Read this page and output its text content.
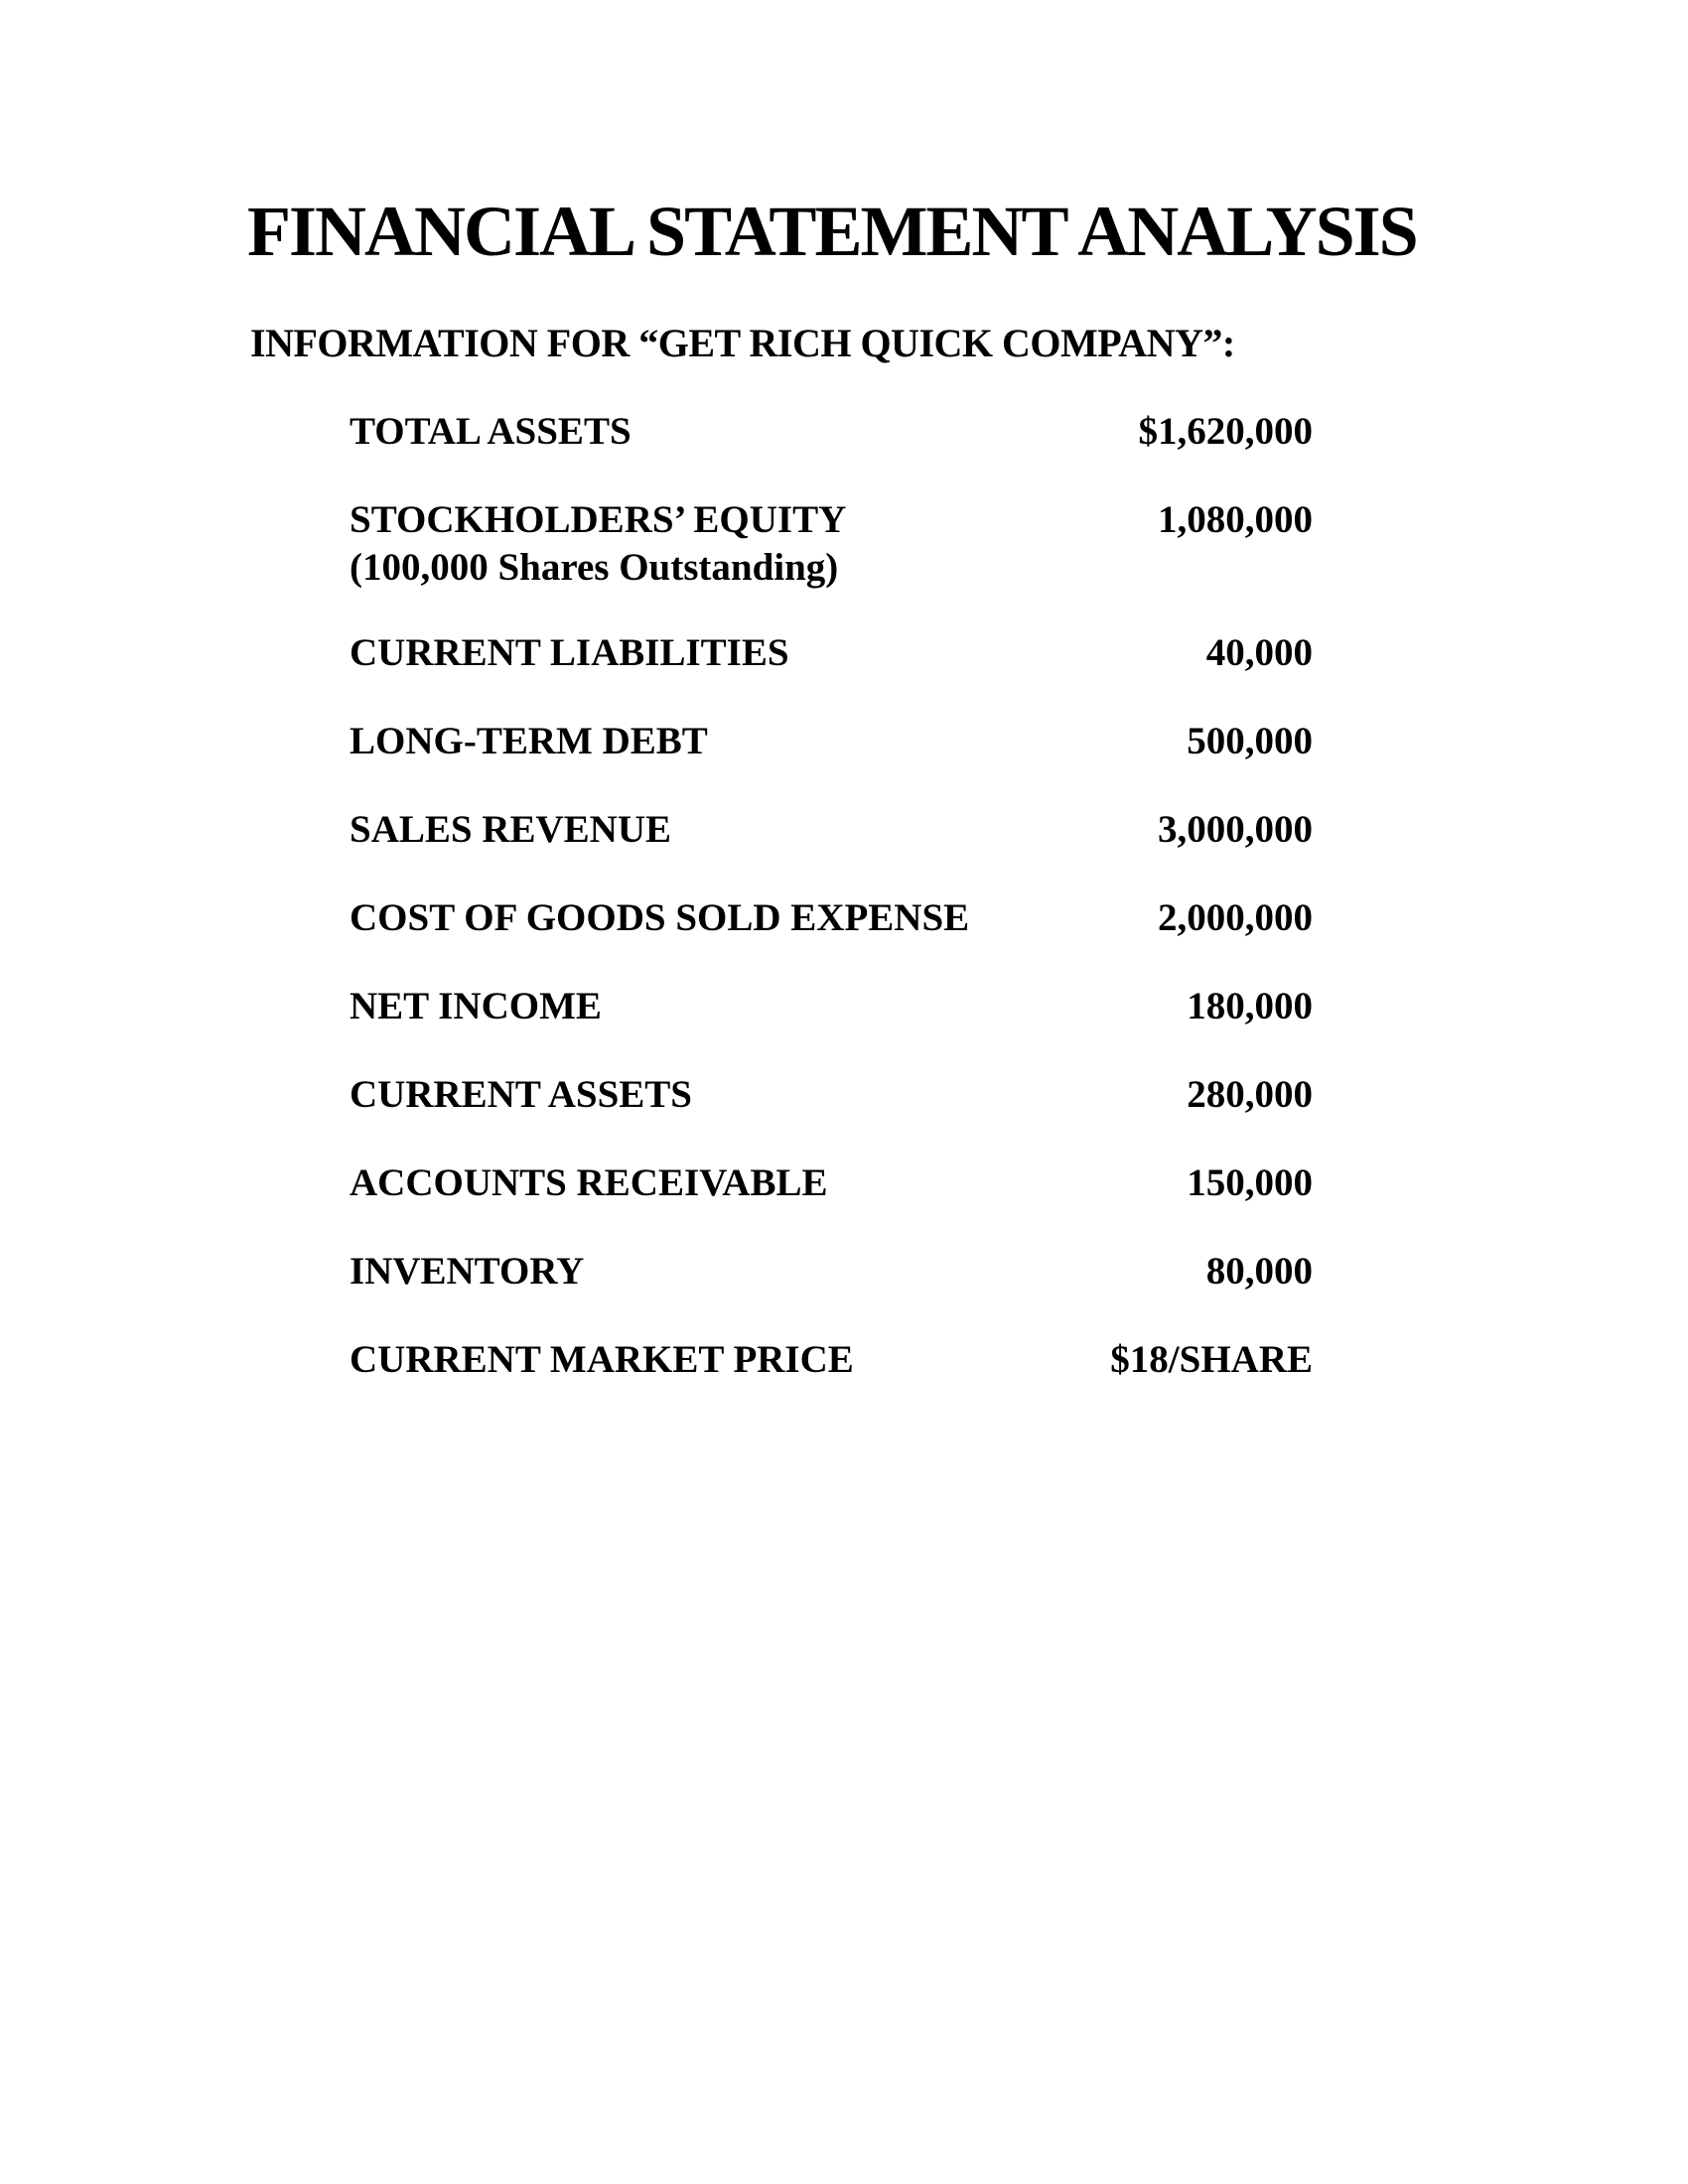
FINANCIAL STATEMENT ANALYSIS
INFORMATION FOR “GET RICH QUICK COMPANY”:
TOTAL ASSETS	$1,620,000
STOCKHOLDERS’ EQUITY
(100,000 Shares Outstanding)
1,080,000
CURRENT LIABILITIES	40,000
LONG-TERM DEBT	500,000
SALES REVENUE	3,000,000
COST OF GOODS SOLD EXPENSE	2,000,000
NET INCOME	180,000
CURRENT ASSETS	280,000
ACCOUNTS RECEIVABLE	150,000
INVENTORY	80,000
CURRENT MARKET PRICE	$18/SHARE
